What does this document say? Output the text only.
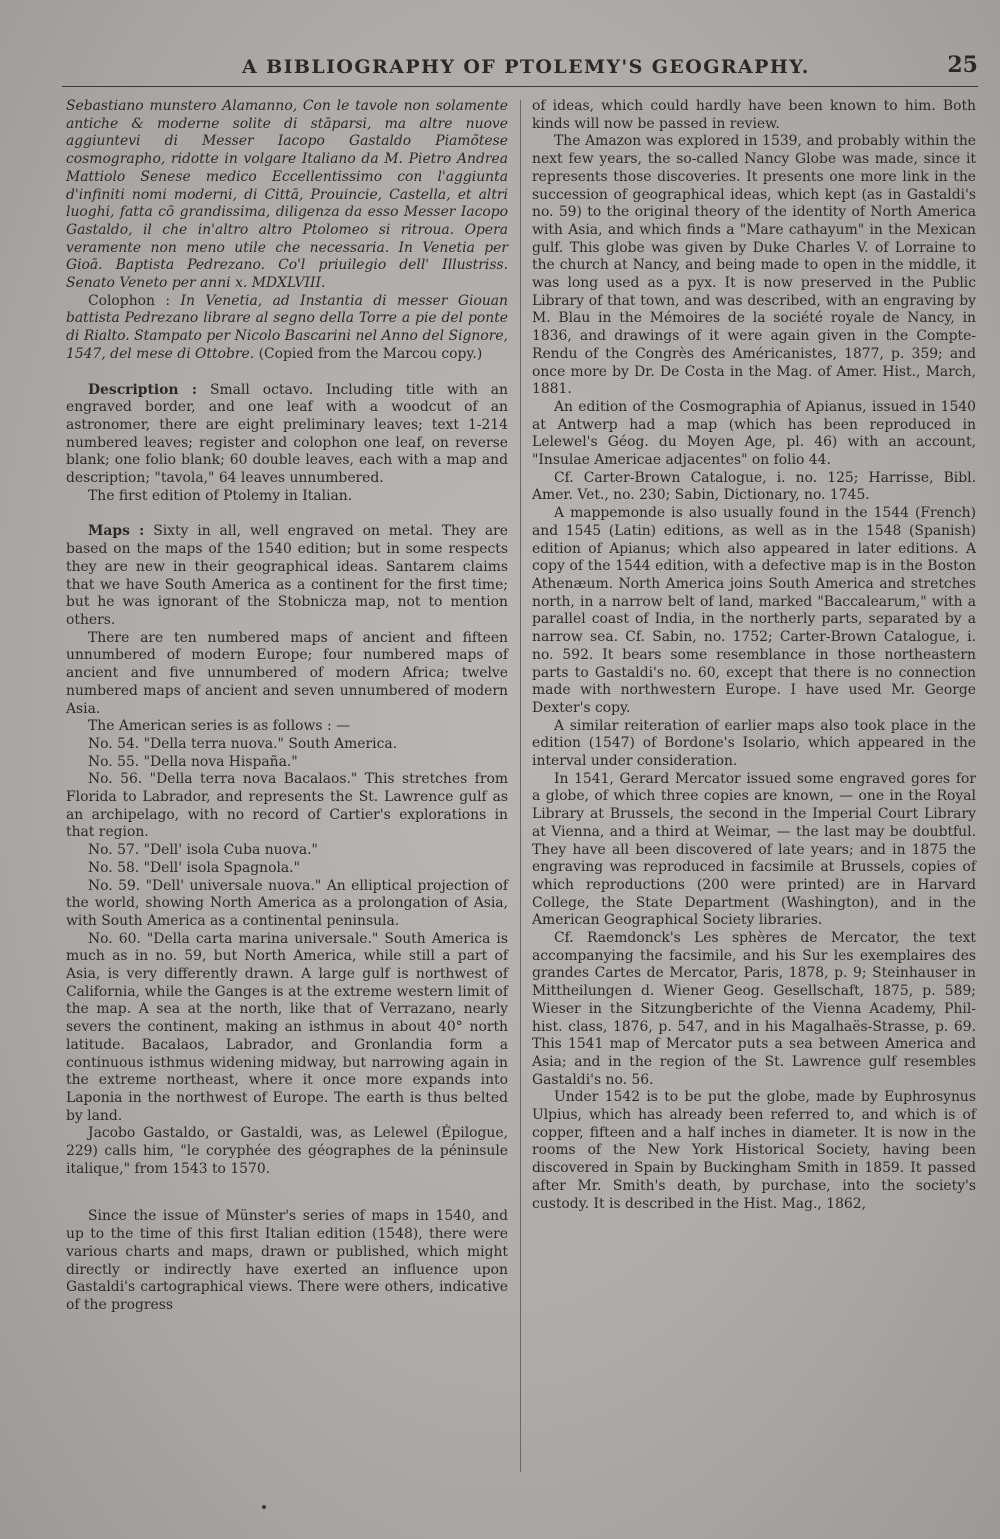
A BIBLIOGRAPHY OF PTOLEMY'S GEOGRAPHY.	25

Sebastiano munstero Alamanno, Con le tavole non solamente antiche & moderne solite di stāparsi, ma altre nuove aggiuntevi di Messer Iacopo Gastaldo Piamõtese cosmographo, ridotte in volgare Italiano da M. Pietro Andrea Mattiolo Senese medico Eccellentissimo con l'aggiunta d'infiniti nomi moderni, di Cittā, Prouincie, Castella, et altri luoghi, fatta cō grandissima, diligenza da esso Messer Iacopo Gastaldo, il che in'altro altro Ptolomeo si ritroua. Opera veramente non meno utile che necessaria. In Venetia per Gioā. Baptista Pedrezano. Co'l priuilegio dell' Illustriss. Senato Veneto per anni x. MDXLVIII.

Colophon : In Venetia, ad Instantia di messer Giouan battista Pedrezano librare al segno della Torre a pie del ponte di Rialto. Stampato per Nicolo Bascarini nel Anno del Signore, 1547, del mese di Ottobre. (Copied from the Marcou copy.)

Description : Small octavo. Including title with an engraved border, and one leaf with a woodcut of an astronomer, there are eight preliminary leaves; text 1-214 numbered leaves; register and colophon one leaf, on reverse blank; one folio blank; 60 double leaves, each with a map and description; "tavola," 64 leaves unnumbered.

The first edition of Ptolemy in Italian.

Maps : Sixty in all, well engraved on metal. They are based on the maps of the 1540 edition; but in some respects they are new in their geographical ideas. Santarem claims that we have South America as a continent for the first time; but he was ignorant of the Stobnicza map, not to mention others.

There are ten numbered maps of ancient and fifteen unnumbered of modern Europe; four numbered maps of ancient and five unnumbered of modern Africa; twelve numbered maps of ancient and seven unnumbered of modern Asia.

The American series is as follows : —

No. 54. "Della terra nuova." South America.

No. 55. "Della nova Hispaña."

No. 56. "Della terra nova Bacalaos." This stretches from Florida to Labrador, and represents the St. Lawrence gulf as an archipelago, with no record of Cartier's explorations in that region.

No. 57. "Dell' isola Cuba nuova."

No. 58. "Dell' isola Spagnola."

No. 59. "Dell' universale nuova." An elliptical projection of the world, showing North America as a prolongation of Asia, with South America as a continental peninsula.

No. 60. "Della carta marina universale." South America is much as in no. 59, but North America, while still a part of Asia, is very differently drawn. A large gulf is northwest of California, while the Ganges is at the extreme western limit of the map. A sea at the north, like that of Verrazano, nearly severs the continent, making an isthmus in about 40° north latitude. Bacalaos, Labrador, and Gronlandia form a continuous isthmus widening midway, but narrowing again in the extreme northeast, where it once more expands into Laponia in the northwest of Europe. The earth is thus belted by land.

Jacobo Gastaldo, or Gastaldi, was, as Lelewel (Épilogue, 229) calls him, "le coryphée des géographes de la péninsule italique," from 1543 to 1570.

Since the issue of Münster's series of maps in 1540, and up to the time of this first Italian edition (1548), there were various charts and maps, drawn or published, which might directly or indirectly have exerted an influence upon Gastaldi's cartographical views. There were others, indicative of the progress

of ideas, which could hardly have been known to him. Both kinds will now be passed in review.

The Amazon was explored in 1539, and probably within the next few years, the so-called Nancy Globe was made, since it represents those discoveries. It presents one more link in the succession of geographical ideas, which kept (as in Gastaldi's no. 59) to the original theory of the identity of North America with Asia, and which finds a "Mare cathayum" in the Mexican gulf. This globe was given by Duke Charles V. of Lorraine to the church at Nancy, and being made to open in the middle, it was long used as a pyx. It is now preserved in the Public Library of that town, and was described, with an engraving by M. Blau in the Mémoires de la société royale de Nancy, in 1836, and drawings of it were again given in the Compte-Rendu of the Congrès des Américanistes, 1877, p. 359; and once more by Dr. De Costa in the Mag. of Amer. Hist., March, 1881.

An edition of the Cosmographia of Apianus, issued in 1540 at Antwerp had a map (which has been reproduced in Lelewel's Géog. du Moyen Age, pl. 46) with an account, "Insulae Americae adjacentes" on folio 44.

Cf. Carter-Brown Catalogue, i. no. 125; Harrisse, Bibl. Amer. Vet., no. 230; Sabin, Dictionary, no. 1745.

A mappemonde is also usually found in the 1544 (French) and 1545 (Latin) editions, as well as in the 1548 (Spanish) edition of Apianus; which also appeared in later editions. A copy of the 1544 edition, with a defective map is in the Boston Athenæum. North America joins South America and stretches north, in a narrow belt of land, marked "Baccalearum," with a parallel coast of India, in the northerly parts, separated by a narrow sea. Cf. Sabin, no. 1752; Carter-Brown Catalogue, i. no. 592. It bears some resemblance in those northeastern parts to Gastaldi's no. 60, except that there is no connection made with northwestern Europe. I have used Mr. George Dexter's copy.

A similar reiteration of earlier maps also took place in the edition (1547) of Bordone's Isolario, which appeared in the interval under consideration.

In 1541, Gerard Mercator issued some engraved gores for a globe, of which three copies are known, — one in the Royal Library at Brussels, the second in the Imperial Court Library at Vienna, and a third at Weimar, — the last may be doubtful. They have all been discovered of late years; and in 1875 the engraving was reproduced in facsimile at Brussels, copies of which reproductions (200 were printed) are in Harvard College, the State Department (Washington), and in the American Geographical Society libraries.

Cf. Raemdonck's Les sphères de Mercator, the text accompanying the facsimile, and his Sur les exemplaires des grandes Cartes de Mercator, Paris, 1878, p. 9; Steinhauser in Mittheilungen d. Wiener Geog. Gesellschaft, 1875, p. 589; Wieser in the Sitzungberichte of the Vienna Academy, Phil-hist. class, 1876, p. 547, and in his Magalhaës-Strasse, p. 69. This 1541 map of Mercator puts a sea between America and Asia; and in the region of the St. Lawrence gulf resembles Gastaldi's no. 56.

Under 1542 is to be put the globe, made by Euphrosynus Ulpius, which has already been referred to, and which is of copper, fifteen and a half inches in diameter. It is now in the rooms of the New York Historical Society, having been discovered in Spain by Buckingham Smith in 1859. It passed after Mr. Smith's death, by purchase, into the society's custody. It is described in the Hist. Mag., 1862,
